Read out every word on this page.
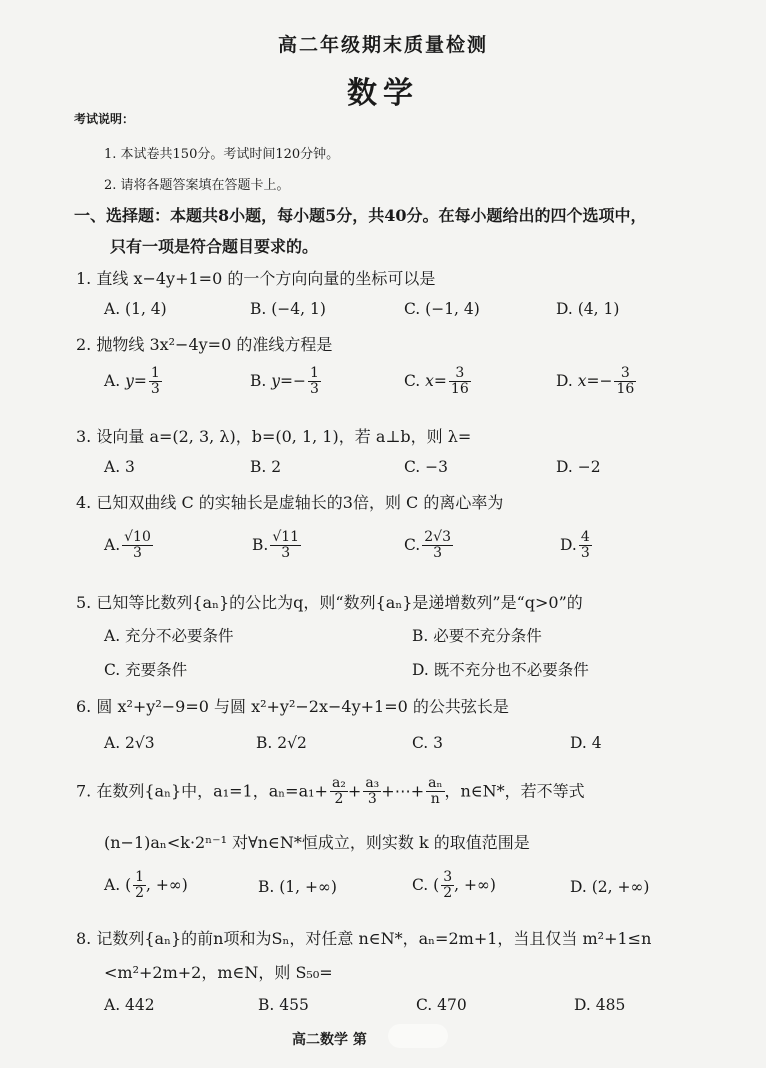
高二年级期末质量检测
数学
考试说明：
1. 本试卷共150分。考试时间120分钟。
2. 请将各题答案填在答题卡上。
一、选择题：本题共8小题，每小题5分，共40分。在每小题给出的四个选项中，
只有一项是符合题目要求的。
1. 直线 x−4y+1=0 的一个方向向量的坐标可以是
A. (1, 4)	B. (−4, 1)	C. (−1, 4)	D. (4, 1)
2. 抛物线 3x²−4y=0 的准线方程是
A. $y= \frac{1}{3}$	B. $y=- \frac{1}{3}$	C. $x= \frac{3}{16}$	D. $x=- \frac{3}{16}$
3. 设向量 a=(2, 3, λ)，b=(0, 1, 1)，若 a⊥b，则 λ=
A. 3	B. 2	C. −3	D. −2
4. 已知双曲线 C 的实轴长是虚轴长的3倍，则 C 的离心率为
A. $\frac{√10}{3}$	B. $\frac{√11}{3}$	C. $\frac{2√3}{3}$	D. $\frac{4}{3}$
5. 已知等比数列{aₙ}的公比为q，则“数列{aₙ}是递增数列”是“q>0”的
A. 充分不必要条件	B. 必要不充分条件
C. 充要条件	D. 既不充分也不必要条件
6. 圆 x²+y²−9=0 与圆 x²+y²−2x−4y+1=0 的公共弦长是
A. 2√3	B. 2√2	C. 3	D. 4
7. 在数列{aₙ}中，a₁=1，$a_n=a_1+ \frac{\text{a₂}}{2} + \frac{\text{a₃}}{3}$ +⋯+ $\frac{\text{aₙ}}{n}$ ，n∈N*，若不等式
(n−1)aₙ<k·2ⁿ⁻¹ 对∀n∈N*恒成立，则实数 k 的取值范围是
A. ( $\frac{1}{2}$ , +∞)	B. (1, +∞)	C. ( $\frac{3}{2}$ , +∞)	D. (2, +∞)
8. 记数列{aₙ}的前n项和为Sₙ，对任意 n∈N*，aₙ=2m+1，当且仅当 m²+1≤n
<m²+2m+2，m∈N，则 S₅₀=
A. 442	B. 455	C. 470	D. 485
高二数学 第
